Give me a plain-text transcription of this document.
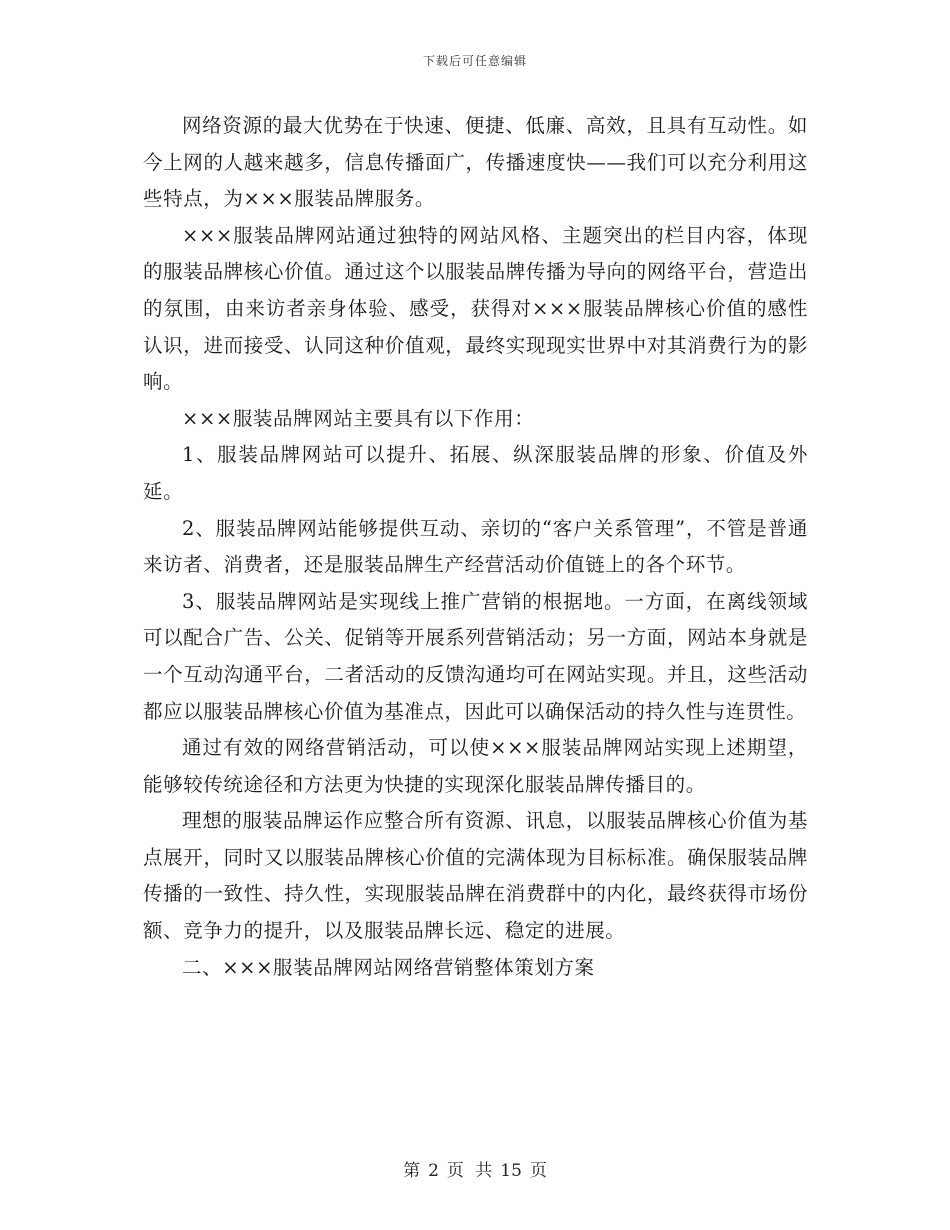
下载后可任意编辑

网络资源的最大优势在于快速、便捷、低廉、高效，且具有互动性。如今上网的人越来越多，信息传播面广，传播速度快——我们可以充分利用这些特点，为×××服装品牌服务。

×××服装品牌网站通过独特的网站风格、主题突出的栏目内容，体现的服装品牌核心价值。通过这个以服装品牌传播为导向的网络平台，营造出的氛围，由来访者亲身体验、感受，获得对×××服装品牌核心价值的感性认识，进而接受、认同这种价值观，最终实现现实世界中对其消费行为的影响。

×××服装品牌网站主要具有以下作用：

1、服装品牌网站可以提升、拓展、纵深服装品牌的形象、价值及外延。

2、服装品牌网站能够提供互动、亲切的“客户关系管理”，不管是普通来访者、消费者，还是服装品牌生产经营活动价值链上的各个环节。

3、服装品牌网站是实现线上推广营销的根据地。一方面，在离线领域可以配合广告、公关、促销等开展系列营销活动；另一方面，网站本身就是一个互动沟通平台，二者活动的反馈沟通均可在网站实现。并且，这些活动都应以服装品牌核心价值为基准点，因此可以确保活动的持久性与连贯性。

通过有效的网络营销活动，可以使×××服装品牌网站实现上述期望，能够较传统途径和方法更为快捷的实现深化服装品牌传播目的。

理想的服装品牌运作应整合所有资源、讯息，以服装品牌核心价值为基点展开，同时又以服装品牌核心价值的完满体现为目标标准。确保服装品牌传播的一致性、持久性，实现服装品牌在消费群中的内化，最终获得市场份额、竞争力的提升，以及服装品牌长远、稳定的进展。

二、×××服装品牌网站网络营销整体策划方案

第 2 页 共 15 页
